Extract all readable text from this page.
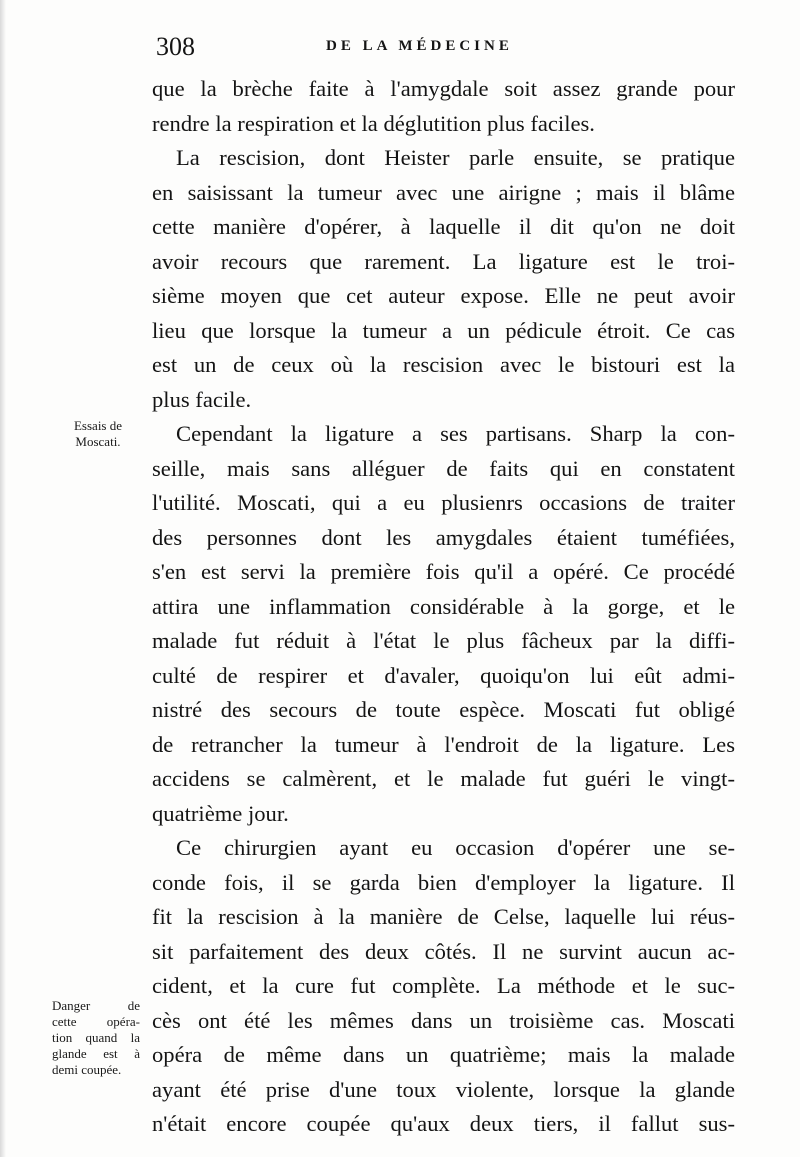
308	DE LA MÉDECINE
Essais de
Moscati.
Danger de
cette opéra-
tion quand la
glande est à
demi coupée.
que la brèche faite à l'amygdale soit assez grande pour
rendre la respiration et la déglutition plus faciles.
La rescision, dont Heister parle ensuite, se pratique
en saisissant la tumeur avec une airigne ; mais il blâme
cette manière d'opérer, à laquelle il dit qu'on ne doit
avoir recours que rarement. La ligature est le troi-
sième moyen que cet auteur expose. Elle ne peut avoir
lieu que lorsque la tumeur a un pédicule étroit. Ce cas
est un de ceux où la rescision avec le bistouri est la
plus facile.
Cependant la ligature a ses partisans. Sharp la con-
seille, mais sans alléguer de faits qui en constatent
l'utilité. Moscati, qui a eu plusienrs occasions de traiter
des personnes dont les amygdales étaient tuméfiées,
s'en est servi la première fois qu'il a opéré. Ce procédé
attira une inflammation considérable à la gorge, et le
malade fut réduit à l'état le plus fâcheux par la diffi-
culté de respirer et d'avaler, quoiqu'on lui eût admi-
nistré des secours de toute espèce. Moscati fut obligé
de retrancher la tumeur à l'endroit de la ligature. Les
accidens se calmèrent, et le malade fut guéri le vingt-
quatrième jour.
Ce chirurgien ayant eu occasion d'opérer une se-
conde fois, il se garda bien d'employer la ligature. Il
fit la rescision à la manière de Celse, laquelle lui réus-
sit parfaitement des deux côtés. Il ne survint aucun ac-
cident, et la cure fut complète. La méthode et le suc-
cès ont été les mêmes dans un troisième cas. Moscati
opéra de même dans un quatrième; mais la malade
ayant été prise d'une toux violente, lorsque la glande
n'était encore coupée qu'aux deux tiers, il fallut sus-
